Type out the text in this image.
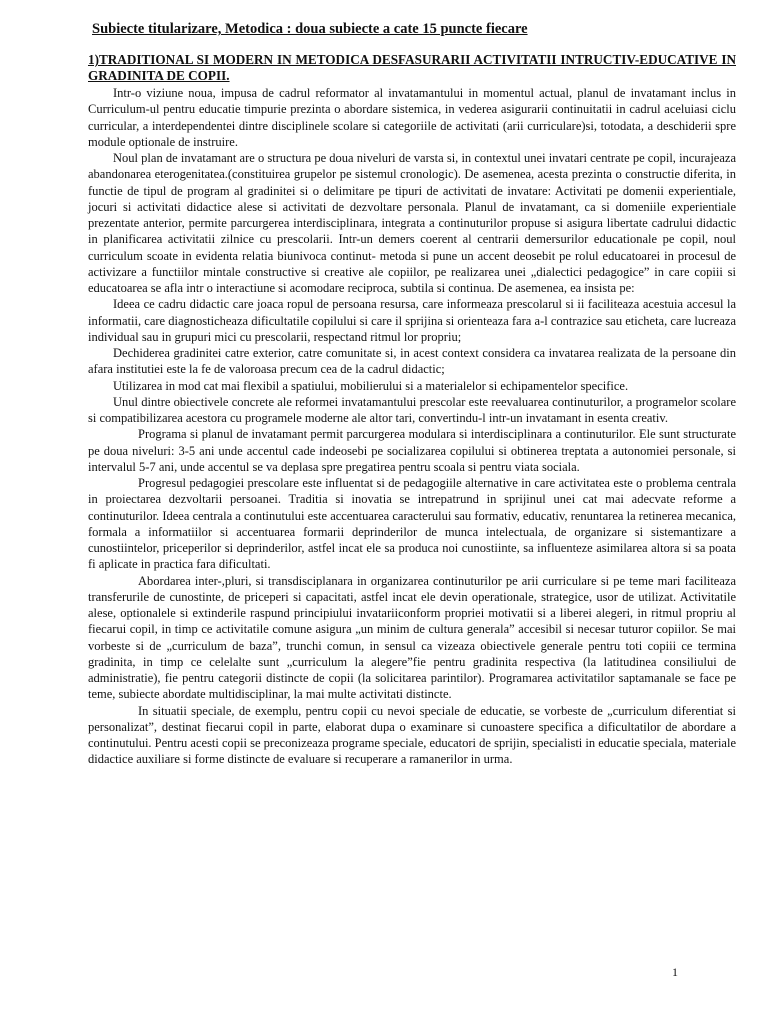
Subiecte titularizare, Metodica : doua subiecte a cate 15 puncte fiecare
1)TRADITIONAL SI MODERN IN METODICA DESFASURARII ACTIVITATII INTRUCTIV-EDUCATIVE IN GRADINITA DE COPII.

Intr-o viziune noua, impusa de cadrul reformator al invatamantului in momentul actual, planul de invatamant inclus in Curriculum-ul pentru educatie timpurie prezinta o abordare sistemica, in vederea asigurarii continuitatii in cadrul aceluiasi ciclu curricular, a interdependentei dintre disciplinele scolare si categoriile de activitati (arii curriculare)si, totodata, a deschiderii spre module optionale de instruire.

Noul plan de invatamant are o structura pe doua niveluri de varsta si, in contextul unei invatari centrate pe copil, incurajeaza abandonarea eterogenitatea.(constituirea grupelor pe sistemul cronologic). De asemenea, acesta prezinta o constructie diferita, in functie de tipul de program al gradinitei si o delimitare pe tipuri de activitati de invatare: Activitati pe domenii experientiale, jocuri si activitati didactice alese si activitati de dezvoltare personala. Planul de invatamant, ca si domeniile experientiale prezentate anterior, permite parcurgerea interdisciplinara, integrata a continuturilor propuse si asigura libertate cadrului didactic in planificarea activitatii zilnice cu prescolarii. Intr-un demers coerent al centrarii demersurilor educationale pe copil, noul curriculum scoate in evidenta relatia biunivoca continut- metoda si pune un accent deosebit pe rolul educatoarei in procesul de activizare a functiilor mintale constructive si creative ale copiilor, pe realizarea unei „dialectici pedagogice” in care copiii si educatoarea se afla intr o interactiune si acomodare reciproca, subtila si continua. De asemenea, ea insista pe:

Ideea ce cadru didactic care joaca ropul de persoana resursa, care informeaza prescolarul si ii faciliteaza acestuia accesul la informatii, care diagnosticheaza dificultatile copilului si care il sprijina si orienteaza fara a-l contrazice sau eticheta, care lucreaza individual sau in grupuri mici cu prescolarii, respectand ritmul lor propriu;

Dechiderea gradinitei catre exterior, catre comunitate si, in acest context considera ca invatarea realizata de la persoane din afara institutiei este la fe de valoroasa precum cea de la cadrul didactic;

Utilizarea in mod cat mai flexibil a spatiului, mobilierului si a materialelor si echipamentelor specifice.

Unul dintre obiectivele concrete ale reformei invatamantului prescolar este reevaluarea continuturilor, a programelor scolare si compatibilizarea acestora cu programele moderne ale altor tari, convertindu-l intr-un invatamant in esenta creativ.

Programa si planul de invatamant permit parcurgerea modulara si interdisciplinara a continuturilor. Ele sunt structurate pe doua niveluri: 3-5 ani unde accentul cade indeosebi pe socializarea copilului si obtinerea treptata a autonomiei personale, si intervalul 5-7 ani, unde accentul se va deplasa spre pregatirea pentru scoala si pentru viata sociala.

Progresul pedagogiei prescolare este influentat si de pedagogiile alternative in care activitatea este o problema centrala in proiectarea dezvoltarii persoanei. Traditia si inovatia se intrepatrund in sprijinul unei cat mai adecvate reforme a continuturilor. Ideea centrala a continutului este accentuarea caracterului sau formativ, educativ, renuntarea la retinerea mecanica, formala a informatiilor si accentuarea formarii deprinderilor de munca intelectuala, de organizare si sistemantizare a cunostiintelor, priceperilor si deprinderilor, astfel incat ele sa produca noi cunostiinte, sa influenteze asimilarea altora si sa poata fi aplicate in practica fara dificultati.

Abordarea inter-,pluri, si transdisciplanara in organizarea continuturilor pe arii curriculare si pe teme mari faciliteaza transferurile de cunostinte, de priceperi si capacitati, astfel incat ele devin operationale, strategice, usor de utilizat. Activitatile alese, optionalele si extinderile raspund principiului invatariiconform propriei motivatii si a liberei alegeri, in ritmul propriu al fiecarui copil, in timp ce activitatile comune asigura „un minim de cultura generala” accesibil si necesar tuturor copiilor. Se mai vorbeste si de „curriculum de baza”, trunchi comun, in sensul ca vizeaza obiectivele generale pentru toti copiii ce termina gradinita, in timp ce celelalte sunt „curriculum la alegere”fie pentru gradinita respectiva (la latitudinea consiliului de administratie), fie pentru categorii distincte de copii (la solicitarea parintilor). Programarea activitatilor saptamanale se face pe teme, subiecte abordate multidisciplinar, la mai multe activitati distincte.

In situatii speciale, de exemplu, pentru copii cu nevoi speciale de educatie, se vorbeste de „curriculum diferentiat si personalizat”, destinat fiecarui copil in parte, elaborat dupa o examinare si cunoastere specifica a dificultatilor de abordare a continutului. Pentru acesti copii se preconizeaza programe speciale, educatori de sprijin, specialisti in educatie speciala, materiale didactice auxiliare si forme distincte de evaluare si recuperare a ramanerilor in urma.

1
